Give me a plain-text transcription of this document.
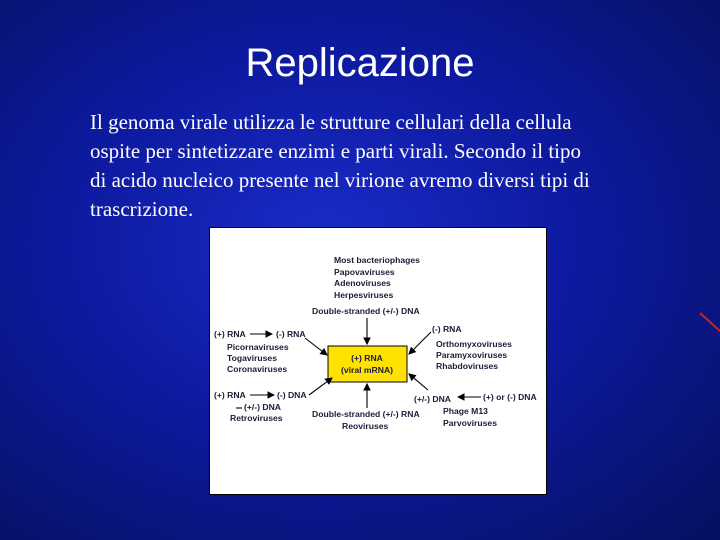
Replicazione

Il genoma virale utilizza le strutture cellulari della cellula
ospite per sintetizzare enzimi e parti virali. Secondo il tipo
di acido nucleico presente nel virione avremo diversi tipi di
trascrizione.

(+) RNA
(viral mRNA)
Most bacteriophages
Papovaviruses
Adenoviruses
Herpesviruses
Double-stranded (+/-) DNA
(+) RNA	(-) RNA
Picornaviruses
Togaviruses
Coronaviruses
(-) RNA
Orthomyxoviruses
Paramyxoviruses
Rhabdoviruses
(+) RNA	(-) DNA
(+/-) DNA
Retroviruses
(+/-) DNA	(+) or (-) DNA
Phage M13
Parvoviruses
Double-stranded (+/-) RNA
Reoviruses
